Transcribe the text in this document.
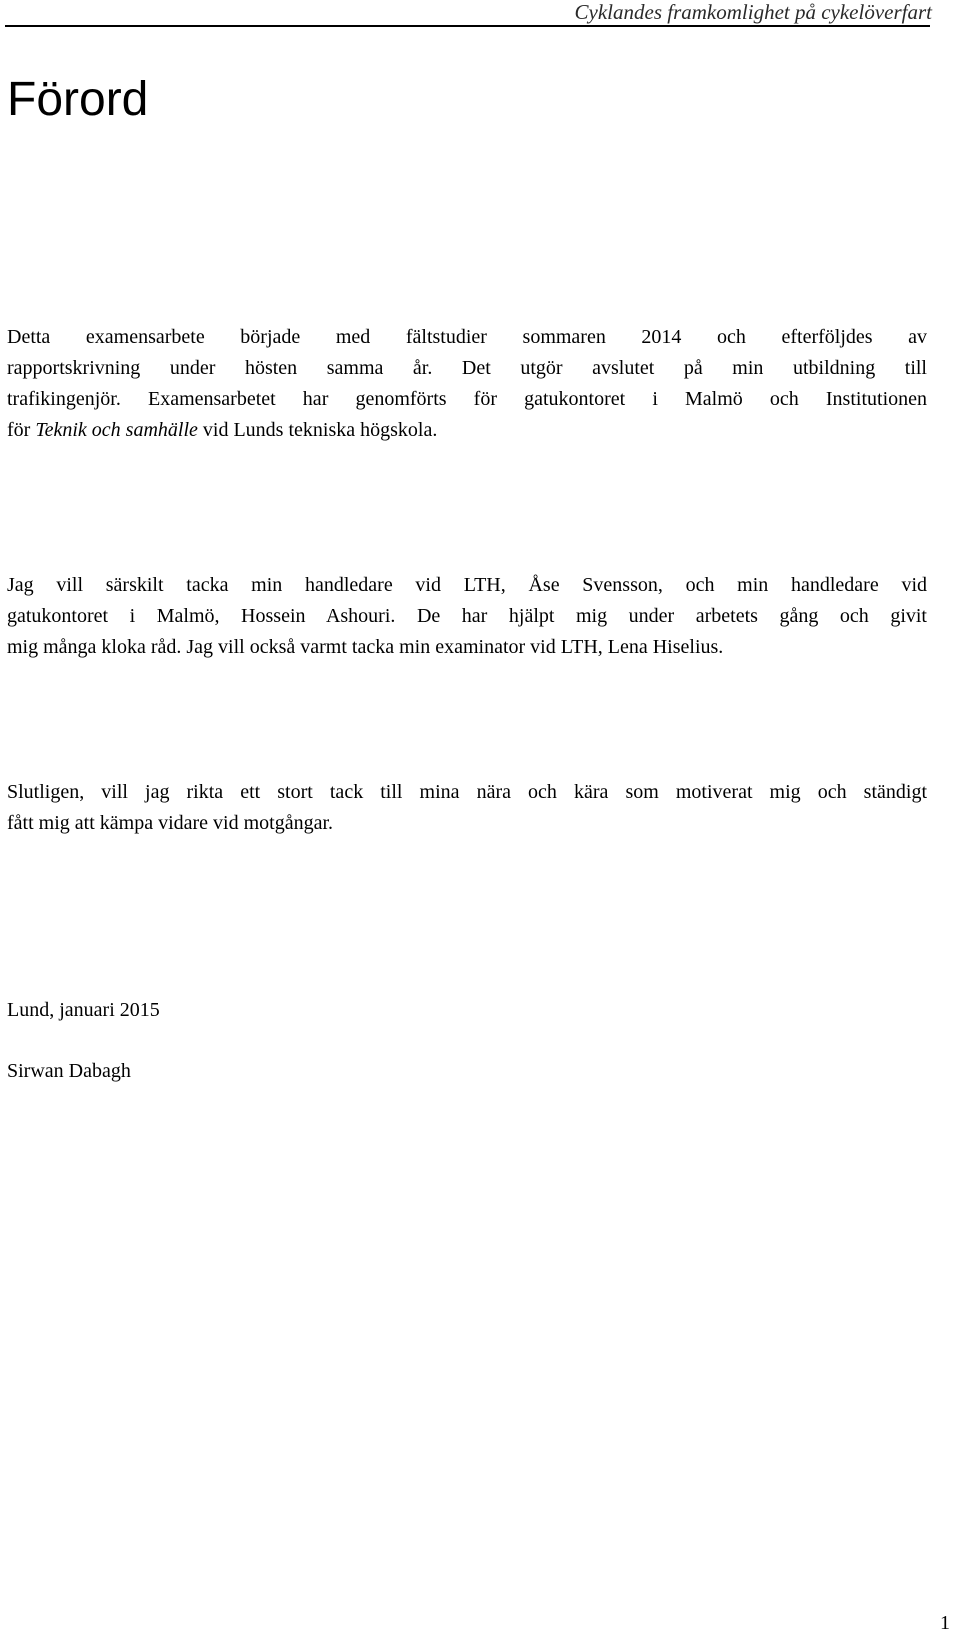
Cyklandes framkomlighet på cykelöverfart
Förord

Detta examensarbete började med fältstudier sommaren 2014 och efterföljdes av
rapportskrivning under hösten samma år. Det utgör avslutet på min utbildning till
trafikingenjör. Examensarbetet har genomförts för gatukontoret i Malmö och Institutionen
för Teknik och samhälle vid Lunds tekniska högskola.

Jag vill särskilt tacka min handledare vid LTH, Åse Svensson, och min handledare vid
gatukontoret i Malmö, Hossein Ashouri. De har hjälpt mig under arbetets gång och givit
mig många kloka råd. Jag vill också varmt tacka min examinator vid LTH, Lena Hiselius.

Slutligen, vill jag rikta ett stort tack till mina nära och kära som motiverat mig och ständigt
fått mig att kämpa vidare vid motgångar.

Lund, januari 2015

Sirwan Dabagh

1
